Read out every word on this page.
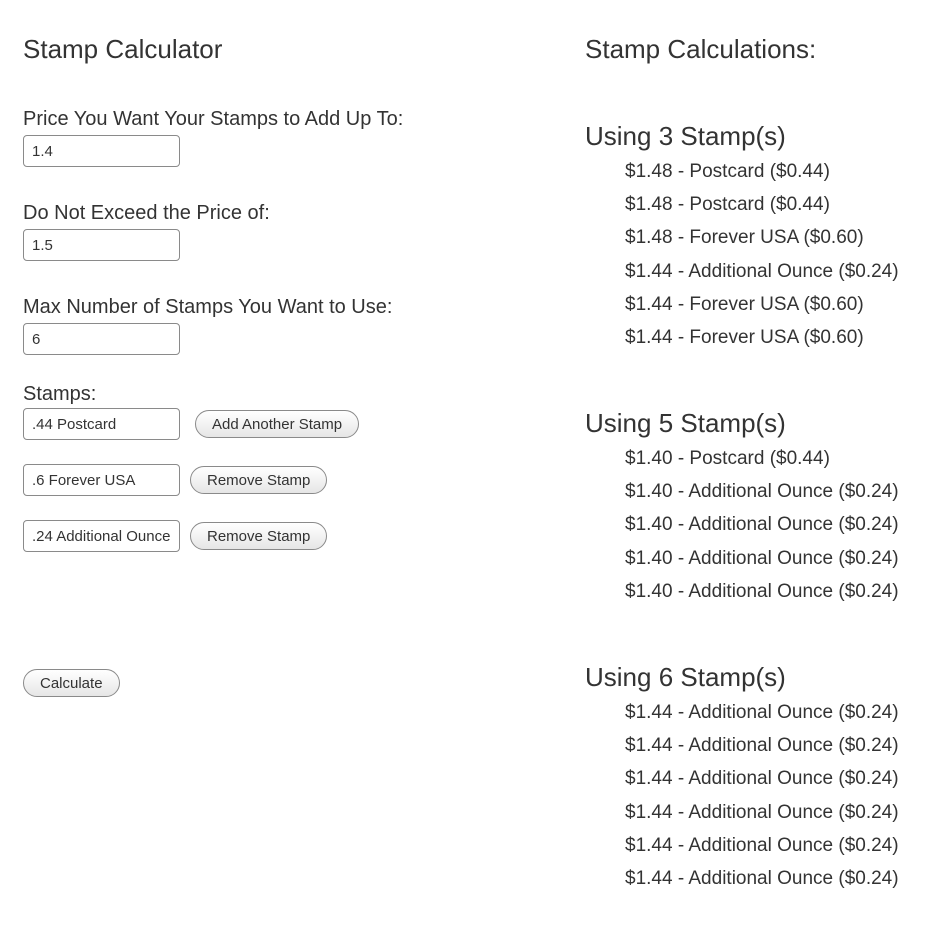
Stamp Calculator
Price You Want Your Stamps to Add Up To:
1.4
Do Not Exceed the Price of:
1.5
Max Number of Stamps You Want to Use:
6
Stamps:
.44 Postcard
Add Another Stamp
.6 Forever USA
Remove Stamp
.24 Additional Ounce
Remove Stamp
Calculate
Stamp Calculations:
Using 3 Stamp(s)
$1.48 - Postcard ($0.44)
$1.48 - Postcard ($0.44)
$1.48 - Forever USA ($0.60)
$1.44 - Additional Ounce ($0.24)
$1.44 - Forever USA ($0.60)
$1.44 - Forever USA ($0.60)
Using 5 Stamp(s)
$1.40 - Postcard ($0.44)
$1.40 - Additional Ounce ($0.24)
$1.40 - Additional Ounce ($0.24)
$1.40 - Additional Ounce ($0.24)
$1.40 - Additional Ounce ($0.24)
Using 6 Stamp(s)
$1.44 - Additional Ounce ($0.24)
$1.44 - Additional Ounce ($0.24)
$1.44 - Additional Ounce ($0.24)
$1.44 - Additional Ounce ($0.24)
$1.44 - Additional Ounce ($0.24)
$1.44 - Additional Ounce ($0.24)
